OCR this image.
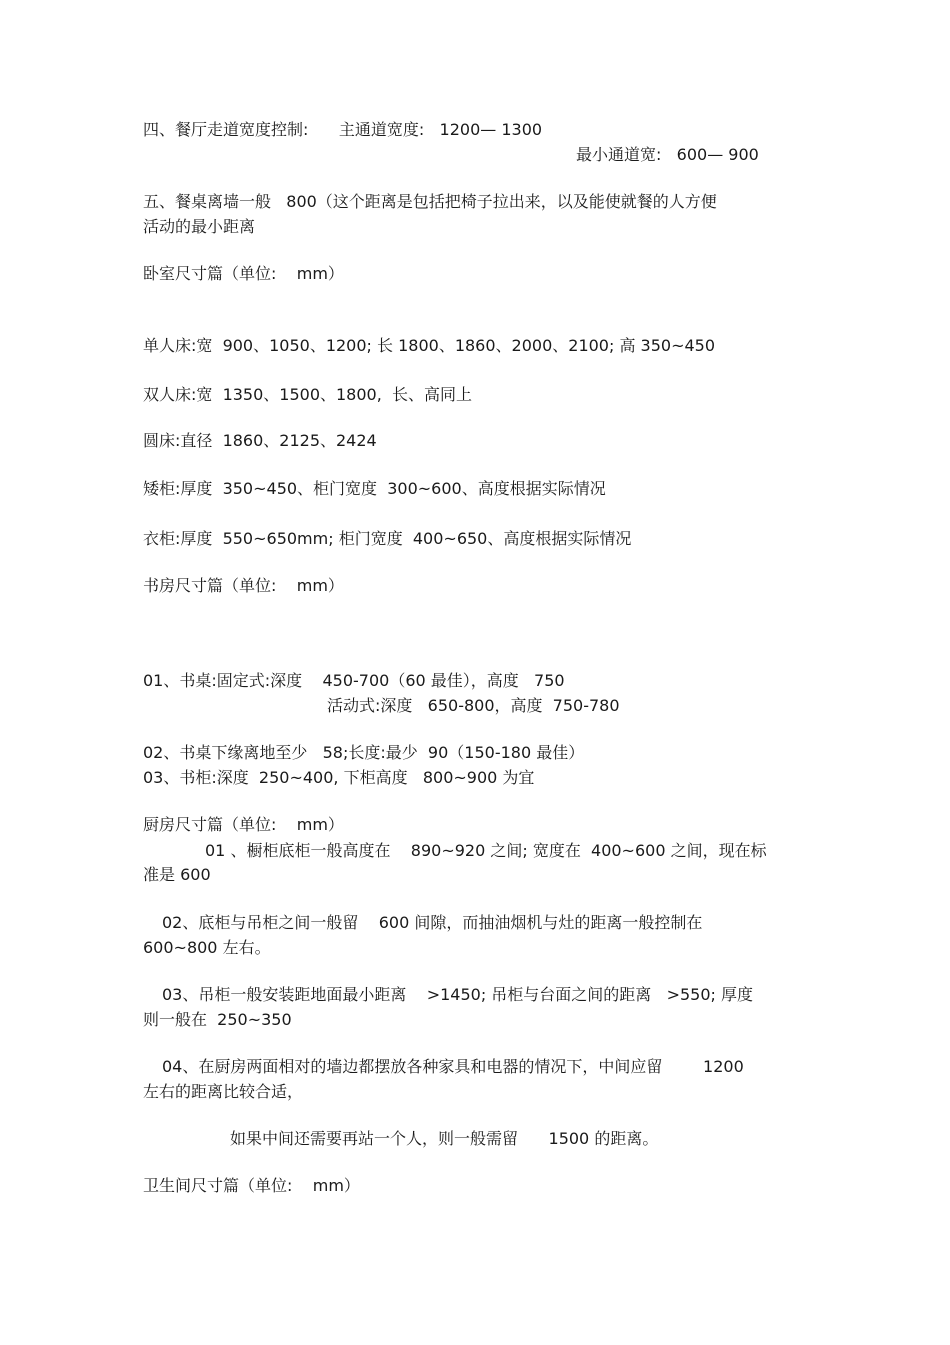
四、餐厅走道宽度控制:      主通道宽度:   1200— 1300

最小通道宽:   600— 900

五、餐桌离墙一般   800（这个距离是包括把椅子拉出来，以及能使就餐的人方便

活动的最小距离

卧室尺寸篇（单位:    mm）

单人床:宽  900、1050、1200; 长 1800、1860、2000、2100; 高 350~450

双人床:宽  1350、1500、1800,  长、高同上

圆床:直径  1860、2125、2424

矮柜:厚度  350~450、柜门宽度  300~600、高度根据实际情况

衣柜:厚度  550~650mm; 柜门宽度  400~650、高度根据实际情况

书房尺寸篇（单位:    mm）

01、书桌:固定式:深度    450-700（60 最佳），高度   750

活动式:深度   650-800，高度  750-780

02、书桌下缘离地至少   58;长度:最少  90（150-180 最佳）

03、书柜:深度  250~400, 下柜高度   800~900 为宜

厨房尺寸篇（单位:    mm）

01 、橱柜底柜一般高度在    890~920 之间; 宽度在  400~600 之间，现在标

准是 600

02、底柜与吊柜之间一般留    600 间隙，而抽油烟机与灶的距离一般控制在

600~800 左右。

03、吊柜一般安装距地面最小距离    >1450; 吊柜与台面之间的距离   >550; 厚度

则一般在  250~350

04、在厨房两面相对的墙边都摆放各种家具和电器的情况下，中间应留        1200

左右的距离比较合适，

如果中间还需要再站一个人，则一般需留      1500 的距离。

卫生间尺寸篇（单位:    mm）
